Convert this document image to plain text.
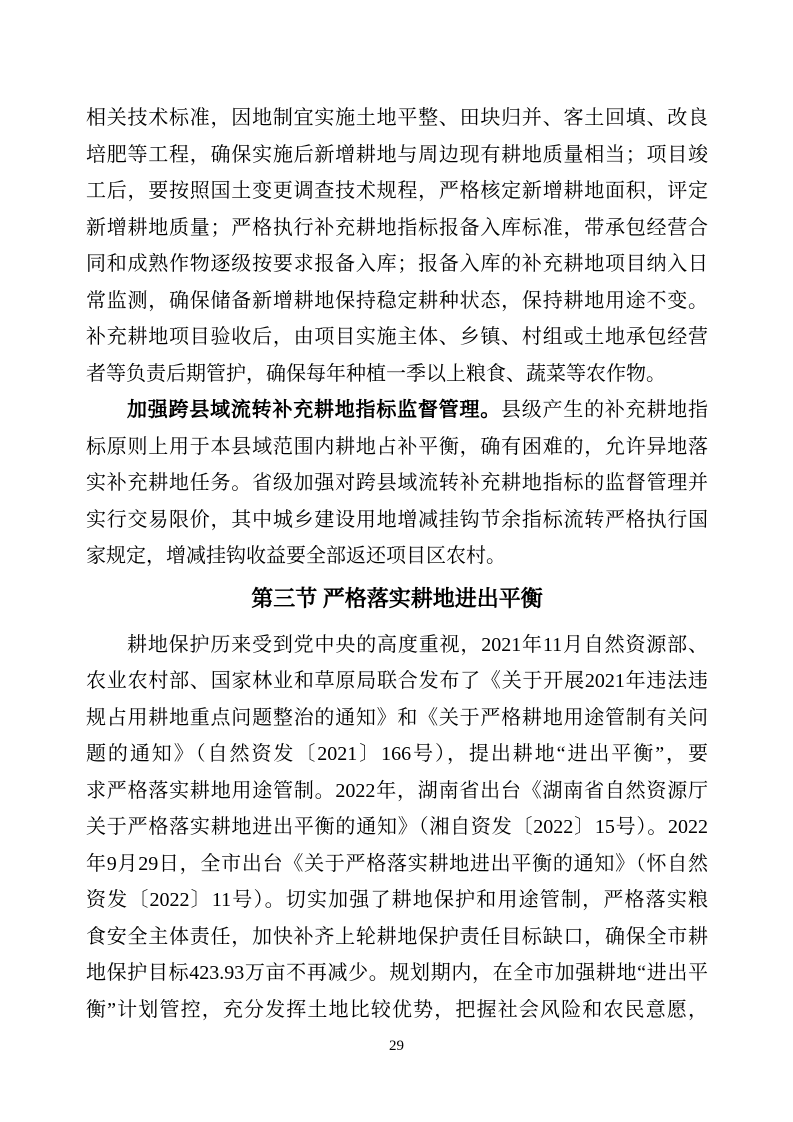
相关技术标准，因地制宜实施土地平整、田块归并、客土回填、改良
培肥等工程，确保实施后新增耕地与周边现有耕地质量相当；项目竣
工后，要按照国土变更调查技术规程，严格核定新增耕地面积，评定
新增耕地质量；严格执行补充耕地指标报备入库标准，带承包经营合
同和成熟作物逐级按要求报备入库；报备入库的补充耕地项目纳入日
常监测，确保储备新增耕地保持稳定耕种状态，保持耕地用途不变。
补充耕地项目验收后，由项目实施主体、乡镇、村组或土地承包经营
者等负责后期管护，确保每年种植一季以上粮食、蔬菜等农作物。
加强跨县域流转补充耕地指标监督管理。县级产生的补充耕地指
标原则上用于本县域范围内耕地占补平衡，确有困难的，允许异地落
实补充耕地任务。省级加强对跨县域流转补充耕地指标的监督管理并
实行交易限价，其中城乡建设用地增减挂钩节余指标流转严格执行国
家规定，增减挂钩收益要全部返还项目区农村。
第三节 严格落实耕地进出平衡
耕地保护历来受到党中央的高度重视，2021年11月自然资源部、
农业农村部、国家林业和草原局联合发布了《关于开展2021年违法违
规占用耕地重点问题整治的通知》和《关于严格耕地用途管制有关问
题的通知》（自然资发〔2021〕166号），提出耕地“进出平衡”，要
求严格落实耕地用途管制。2022年，湖南省出台《湖南省自然资源厅
关于严格落实耕地进出平衡的通知》（湘自资发〔2022〕15号）。2022
年9月29日，全市出台《关于严格落实耕地进出平衡的通知》（怀自然
资发〔2022〕11号）。切实加强了耕地保护和用途管制，严格落实粮
食安全主体责任，加快补齐上轮耕地保护责任目标缺口，确保全市耕
地保护目标423.93万亩不再减少。规划期内，在全市加强耕地“进出平
衡”计划管控，充分发挥土地比较优势，把握社会风险和农民意愿，
29
